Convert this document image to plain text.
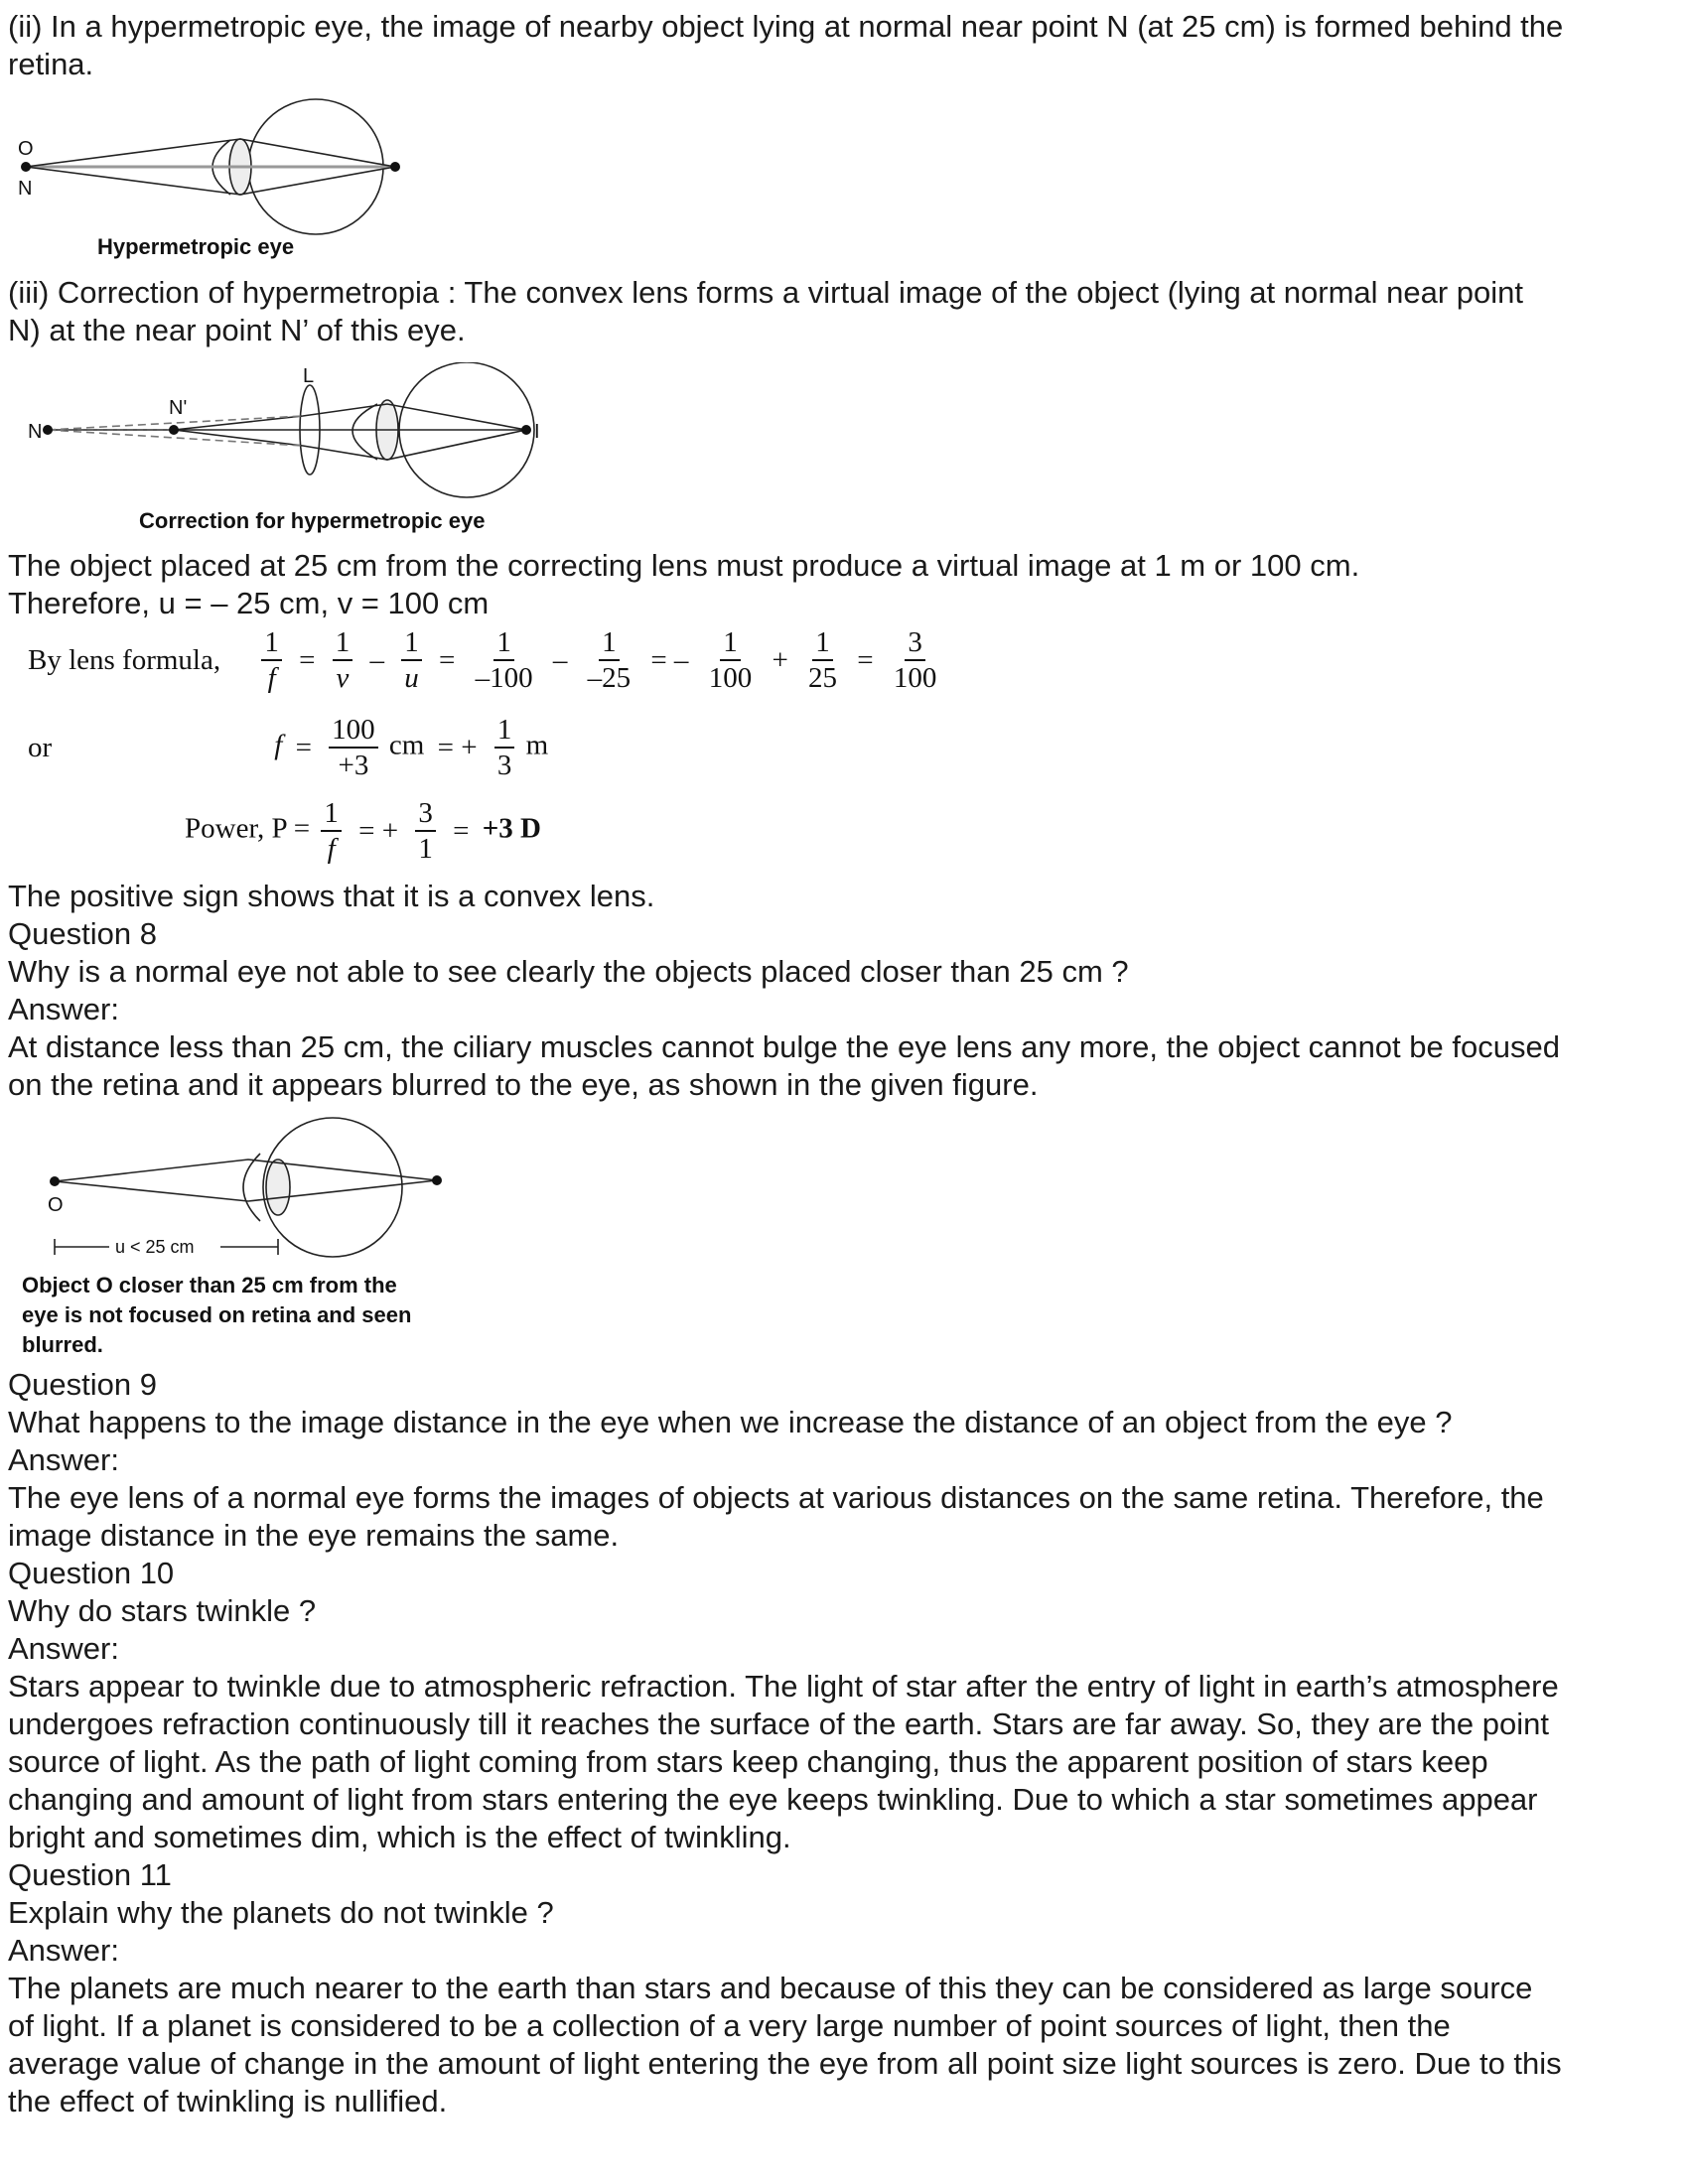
(ii) In a hypermetropic eye, the image of nearby object lying at normal near point N (at 25 cm) is formed behind the
retina.
O
N
Hypermetropic eye
(iii) Correction of hypermetropia : The convex lens forms a virtual image of the object (lying at normal near point
N) at the near point N’ of this eye.
N
N'
L
I
Correction for hypermetropic eye
The object placed at 25 cm from the correcting lens must produce a virtual image at 1 m or 100 cm.
Therefore, u = – 25 cm, v = 100 cm
By lens formula, $\frac{1}{f} = \frac{1}{v} - \frac{1}{u} = \frac{1}{-100} - \frac{1}{-25}$ = – $\frac{1}{100} + \frac{1}{25} = \frac{3}{100}$
or	$f = \frac{100}{+3}$ cm = + $\frac{1}{3}$ m
Power, $P = \frac{1}{f}$ = + $\frac{3}{1} = +3$ D
The positive sign shows that it is a convex lens.
Question 8
Why is a normal eye not able to see clearly the objects placed closer than 25 cm ?
Answer:
At distance less than 25 cm, the ciliary muscles cannot bulge the eye lens any more, the object cannot be focused
on the retina and it appears blurred to the eye, as shown in the given figure.
O
u < 25 cm
Object O closer than 25 cm from the
eye is not focused on retina and seen
blurred.
Question 9
What happens to the image distance in the eye when we increase the distance of an object from the eye ?
Answer:
The eye lens of a normal eye forms the images of objects at various distances on the same retina. Therefore, the
image distance in the eye remains the same.
Question 10
Why do stars twinkle ?
Answer:
Stars appear to twinkle due to atmospheric refraction. The light of star after the entry of light in earth’s atmosphere
undergoes refraction continuously till it reaches the surface of the earth. Stars are far away. So, they are the point
source of light. As the path of light coming from stars keep changing, thus the apparent position of stars keep
changing and amount of light from stars entering the eye keeps twinkling. Due to which a star sometimes appear
bright and sometimes dim, which is the effect of twinkling.
Question 11
Explain why the planets do not twinkle ?
Answer:
The planets are much nearer to the earth than stars and because of this they can be considered as large source
of light. If a planet is considered to be a collection of a very large number of point sources of light, then the
average value of change in the amount of light entering the eye from all point size light sources is zero. Due to this
the effect of twinkling is nullified.
